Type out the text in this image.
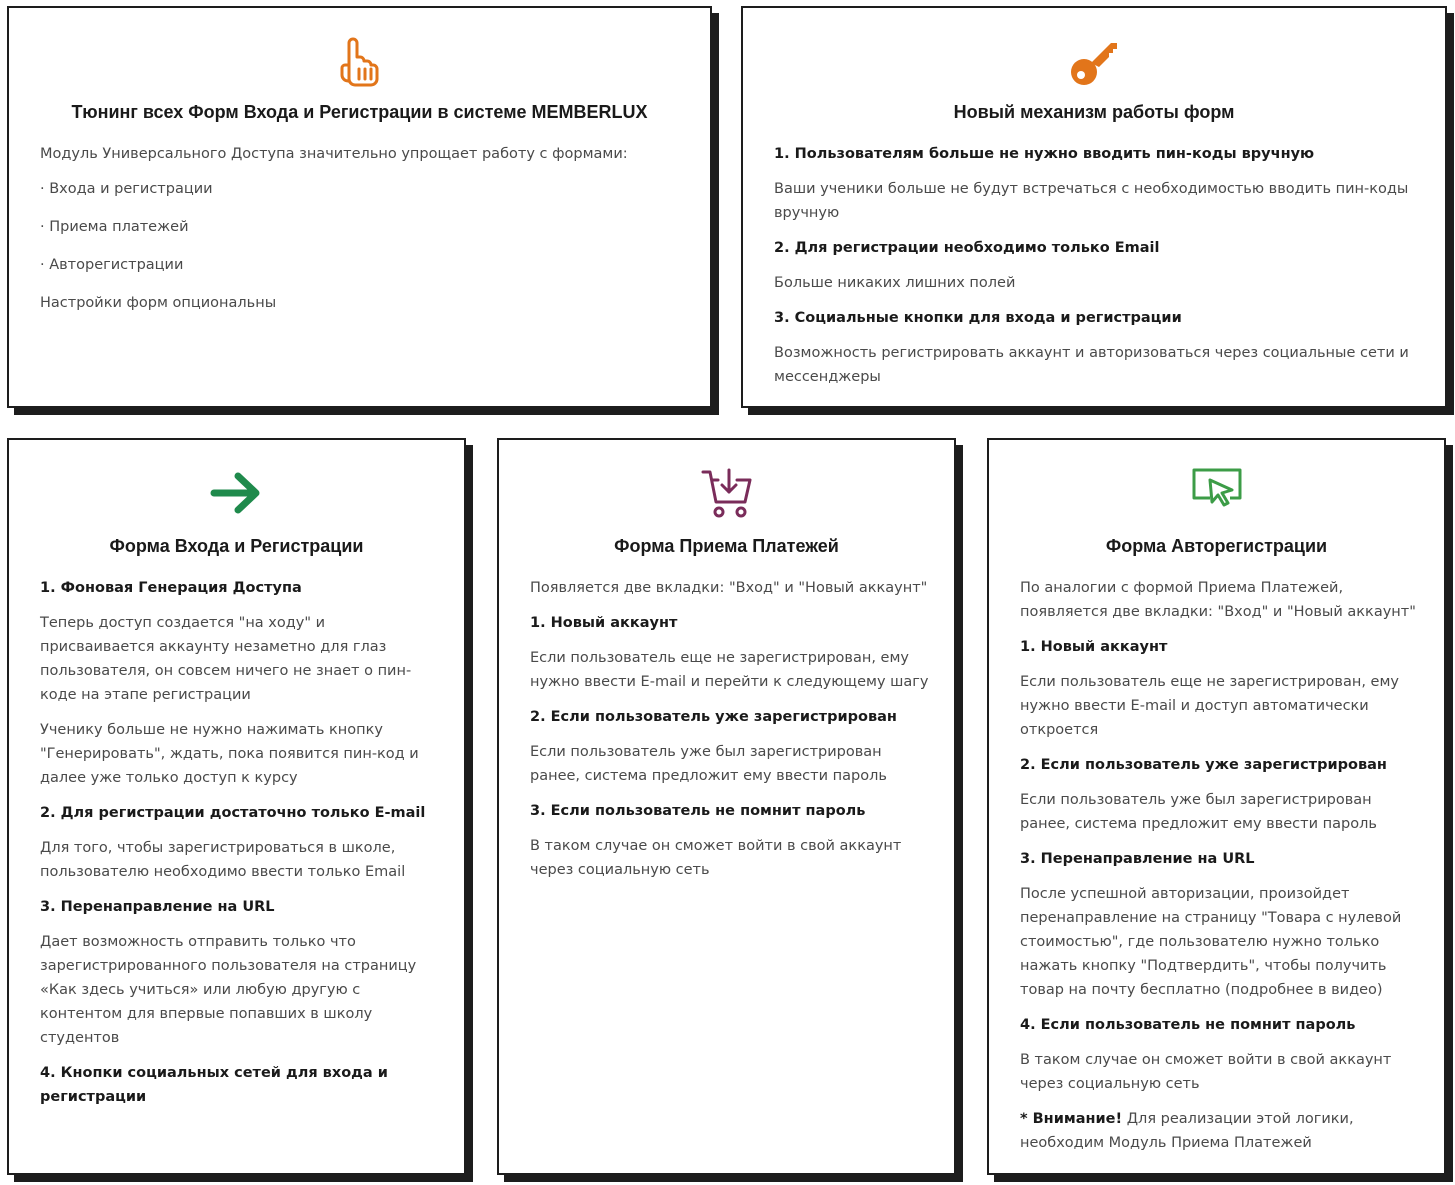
Тюнинг всех Форм Входа и Регистрации в системе MEMBERLUX

Модуль Универсального Доступа значительно упрощает работу с формами:

· Входа и регистрации

· Приема платежей

· Авторегистрации

Настройки форм опциональны

Новый механизм работы форм

1. Пользователям больше не нужно вводить пин-коды вручную

Ваши ученики больше не будут встречаться с необходимостью вводить пин-коды вручную

2. Для регистрации необходимо только Email

Больше никаких лишних полей

3. Социальные кнопки для входа и регистрации

Возможность регистрировать аккаунт и авторизоваться через социальные сети и мессенджеры

Форма Входа и Регистрации

1. Фоновая Генерация Доступа

Теперь доступ создается "на ходу" и присваивается аккаунту незаметно для глаз пользователя, он совсем ничего не знает о пин-коде на этапе регистрации

Ученику больше не нужно нажимать кнопку "Генерировать", ждать, пока появится пин-код и далее уже только доступ к курсу

2. Для регистрации достаточно только E-mail

Для того, чтобы зарегистрироваться в школе, пользователю необходимо ввести только Email

3. Перенаправление на URL

Дает возможность отправить только что зарегистрированного пользователя на страницу «Как здесь учиться» или любую другую с контентом для впервые попавших в школу студентов

4. Кнопки социальных сетей для входа и регистрации

Форма Приема Платежей

Появляется две вкладки: "Вход" и "Новый аккаунт"

1. Новый аккаунт

Если пользователь еще не зарегистрирован, ему нужно ввести E-mail и перейти к следующему шагу

2. Если пользователь уже зарегистрирован

Если пользователь уже был зарегистрирован ранее, система предложит ему ввести пароль

3. Если пользователь не помнит пароль

В таком случае он сможет войти в свой аккаунт через социальную сеть

Форма Авторегистрации

По аналогии с формой Приема Платежей, появляется две вкладки: "Вход" и "Новый аккаунт"

1. Новый аккаунт

Если пользователь еще не зарегистрирован, ему нужно ввести E-mail и доступ автоматически откроется

2. Если пользователь уже зарегистрирован

Если пользователь уже был зарегистрирован ранее, система предложит ему ввести пароль

3. Перенаправление на URL

После успешной авторизации, произойдет перенаправление на страницу "Товара с нулевой стоимостью", где пользователю нужно только нажать кнопку "Подтвердить", чтобы получить товар на почту бесплатно (подробнее в видео)

4. Если пользователь не помнит пароль

В таком случае он сможет войти в свой аккаунт через социальную сеть

* Внимание! Для реализации этой логики, необходим Модуль Приема Платежей
